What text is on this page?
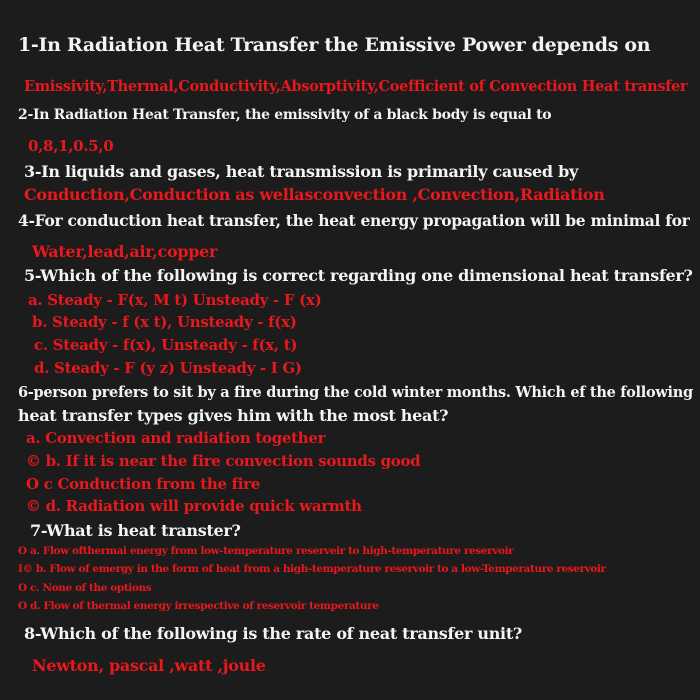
1-In Radiation Heat Transfer the Emissive Power depends on
Emissivity,Thermal,Conductivity,Absorptivity,Coefficient of Convection Heat transfer
2-In Radiation Heat Transfer, the emissivity of a black body is equal to
0,8,1,0.5,0
3-In liquids and gases, heat transmission is primarily caused by
Conduction,Conduction as wellasconvection ,Convection,Radiation
4-For conduction heat transfer, the heat energy propagation will be minimal for
Water,lead,air,copper
5-Which of the following is correct regarding one dimensional heat transfer?
a. Steady - F(x, M t) Unsteady - F (x)
b. Steady - f (x t), Unsteady - f(x)
c. Steady - f(x), Unsteady - f(x, t)
d. Steady - F (y z) Unsteady - I G)
6-person prefers to sit by a fire during the cold winter months. Which ef the following
heat transfer types gives him with the most heat?
a. Convection and radiation together
© b. If it is near the fire convection sounds good
O c Conduction from the fire
© d. Radiation will provide quick warmth
7-What is heat transter?
O a. Flow ofthermai energy from low-temperature reserveir to high-temperature reservoir
I© b. Flow of emergy in the form of heat from a high-temperature reservoir to a low-Temperature reservoir
O c. None of the options
O d. Flow of thermal energy irrespective of reservoir temperature
8-Which of the following is the rate of neat transfer unit?
Newton, pascal ,watt ,joule
